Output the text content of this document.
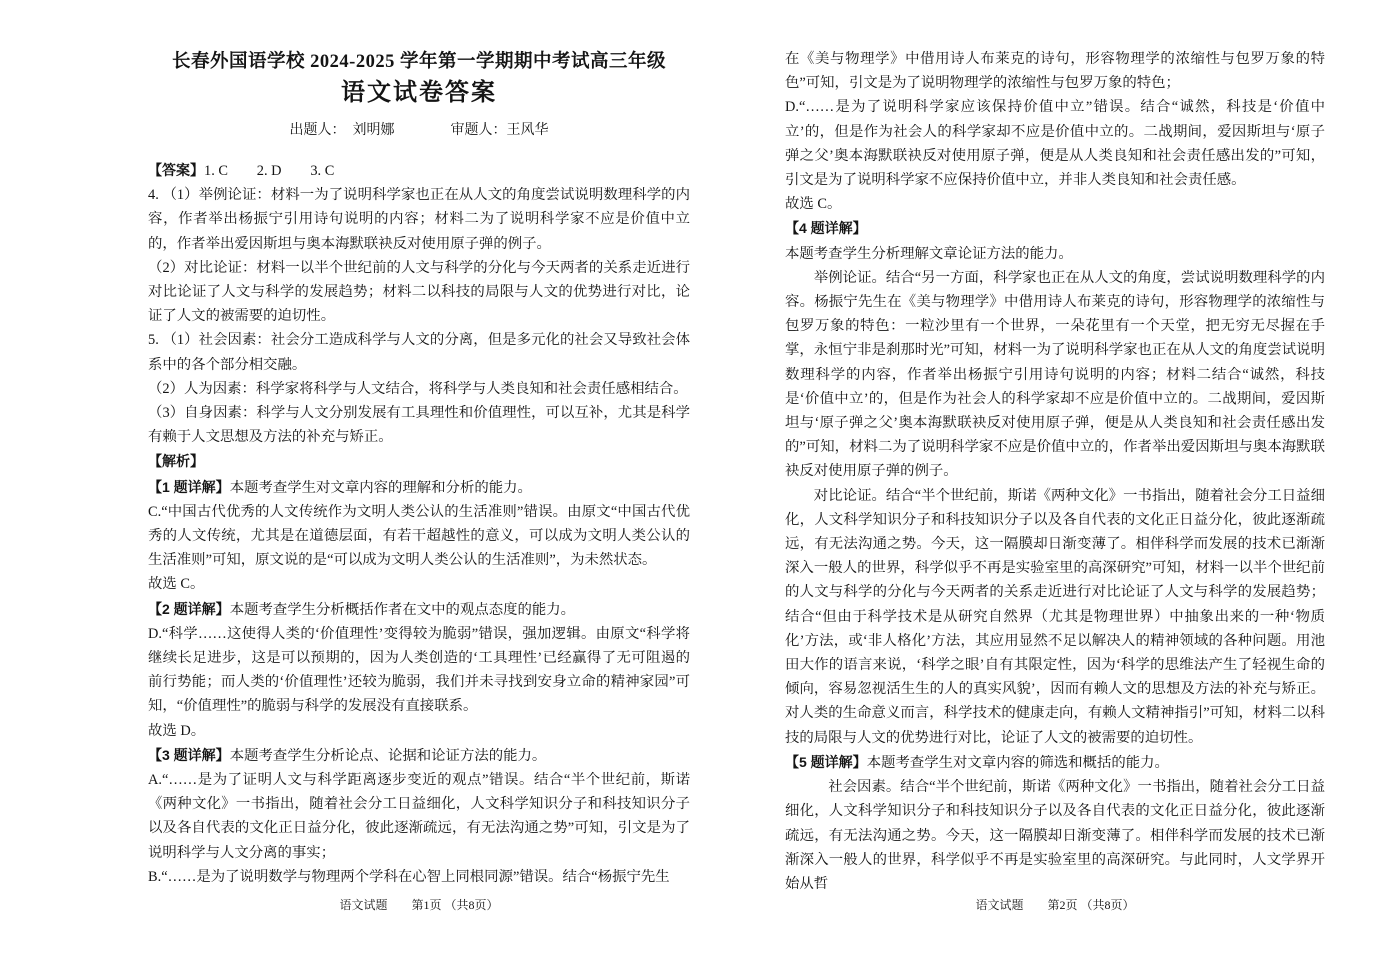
长春外国语学校 2024-2025 学年第一学期期中考试高三年级
语文试卷答案
出题人：  刘明娜　　　　审题人：王风华

【答案】1. C　　2. D　　3. C

4. （1）举例论证：材料一为了说明科学家也正在从人文的角度尝试说明数理科学的内容，作者举出杨振宁引用诗句说明的内容；材料二为了说明科学家不应是价值中立的，作者举出爱因斯坦与奥本海默联袂反对使用原子弹的例子。

（2）对比论证：材料一以半个世纪前的人文与科学的分化与今天两者的关系走近进行对比论证了人文与科学的发展趋势；材料二以科技的局限与人文的优势进行对比，论证了人文的被需要的迫切性。

5. （1）社会因素：社会分工造成科学与人文的分离，但是多元化的社会又导致社会体系中的各个部分相交融。

（2）人为因素：科学家将科学与人文结合，将科学与人类良知和社会责任感相结合。

（3）自身因素：科学与人文分别发展有工具理性和价值理性，可以互补，尤其是科学有赖于人文思想及方法的补充与矫正。

【解析】

【1 题详解】本题考查学生对文章内容的理解和分析的能力。

C.“中国古代优秀的人文传统作为文明人类公认的生活准则”错误。由原文“中国古代优秀的人文传统，尤其是在道德层面，有若干超越性的意义，可以成为文明人类公认的生活准则”可知，原文说的是“可以成为文明人类公认的生活准则”，为未然状态。

故选 C。

【2 题详解】本题考查学生分析概括作者在文中的观点态度的能力。

D.“科学……这使得人类的‘价值理性’变得较为脆弱”错误，强加逻辑。由原文“科学将继续长足进步，这是可以预期的，因为人类创造的‘工具理性’已经赢得了无可阻遏的前行势能；而人类的‘价值理性’还较为脆弱，我们并未寻找到安身立命的精神家园”可知，“价值理性”的脆弱与科学的发展没有直接联系。

故选 D。

【3 题详解】本题考查学生分析论点、论据和论证方法的能力。

A.“……是为了证明人文与科学距离逐步变近的观点”错误。结合“半个世纪前，斯诺《两种文化》一书指出，随着社会分工日益细化，人文科学知识分子和科技知识分子以及各自代表的文化正日益分化，彼此逐渐疏远，有无法沟通之势”可知，引文是为了说明科学与人文分离的事实；

B.“……是为了说明数学与物理两个学科在心智上同根同源”错误。结合“杨振宁先生

语文试题　　第1页 （共8页）

在《美与物理学》中借用诗人布莱克的诗句，形容物理学的浓缩性与包罗万象的特色”可知，引文是为了说明物理学的浓缩性与包罗万象的特色；

D.“……是为了说明科学家应该保持价值中立”错误。结合“诚然，科技是‘价值中立’的，但是作为社会人的科学家却不应是价值中立的。二战期间，爱因斯坦与‘原子弹之父’奥本海默联袂反对使用原子弹，便是从人类良知和社会责任感出发的”可知，引文是为了说明科学家不应保持价值中立，并非人类良知和社会责任感。

故选 C。

【4 题详解】

本题考查学生分析理解文章论证方法的能力。

举例论证。结合“另一方面，科学家也正在从人文的角度，尝试说明数理科学的内容。杨振宁先生在《美与物理学》中借用诗人布莱克的诗句，形容物理学的浓缩性与包罗万象的特色：一粒沙里有一个世界，一朵花里有一个天堂，把无穷无尽握在手掌，永恒宁非是刹那时光”可知，材料一为了说明科学家也正在从人文的角度尝试说明数理科学的内容，作者举出杨振宁引用诗句说明的内容；材料二结合“诚然，科技是‘价值中立’的，但是作为社会人的科学家却不应是价值中立的。二战期间，爱因斯坦与‘原子弹之父’奥本海默联袂反对使用原子弹，便是从人类良知和社会责任感出发的”可知，材料二为了说明科学家不应是价值中立的，作者举出爱因斯坦与奥本海默联袂反对使用原子弹的例子。

对比论证。结合“半个世纪前，斯诺《两种文化》一书指出，随着社会分工日益细化，人文科学知识分子和科技知识分子以及各自代表的文化正日益分化，彼此逐渐疏远，有无法沟通之势。今天，这一隔膜却日渐变薄了。相伴科学而发展的技术已渐渐深入一般人的世界，科学似乎不再是实验室里的高深研究”可知，材料一以半个世纪前的人文与科学的分化与今天两者的关系走近进行对比论证了人文与科学的发展趋势；结合“但由于科学技术是从研究自然界（尤其是物理世界）中抽象出来的一种‘物质化’方法，或‘非人格化’方法，其应用显然不足以解决人的精神领域的各种问题。用池田大作的语言来说，‘科学之眼’自有其限定性，因为‘科学的思维法产生了轻视生命的倾向，容易忽视活生生的人的真实风貌’，因而有赖人文的思想及方法的补充与矫正。对人类的生命意义而言，科学技术的健康走向，有赖人文精神指引”可知，材料二以科技的局限与人文的优势进行对比，论证了人文的被需要的迫切性。

【5 题详解】本题考查学生对文章内容的筛选和概括的能力。

社会因素。结合“半个世纪前，斯诺《两种文化》一书指出，随着社会分工日益细化，人文科学知识分子和科技知识分子以及各自代表的文化正日益分化，彼此逐渐疏远，有无法沟通之势。今天，这一隔膜却日渐变薄了。相伴科学而发展的技术已渐渐深入一般人的世界，科学似乎不再是实验室里的高深研究。与此同时，人文学界开始从哲

语文试题　　第2页 （共8页）
